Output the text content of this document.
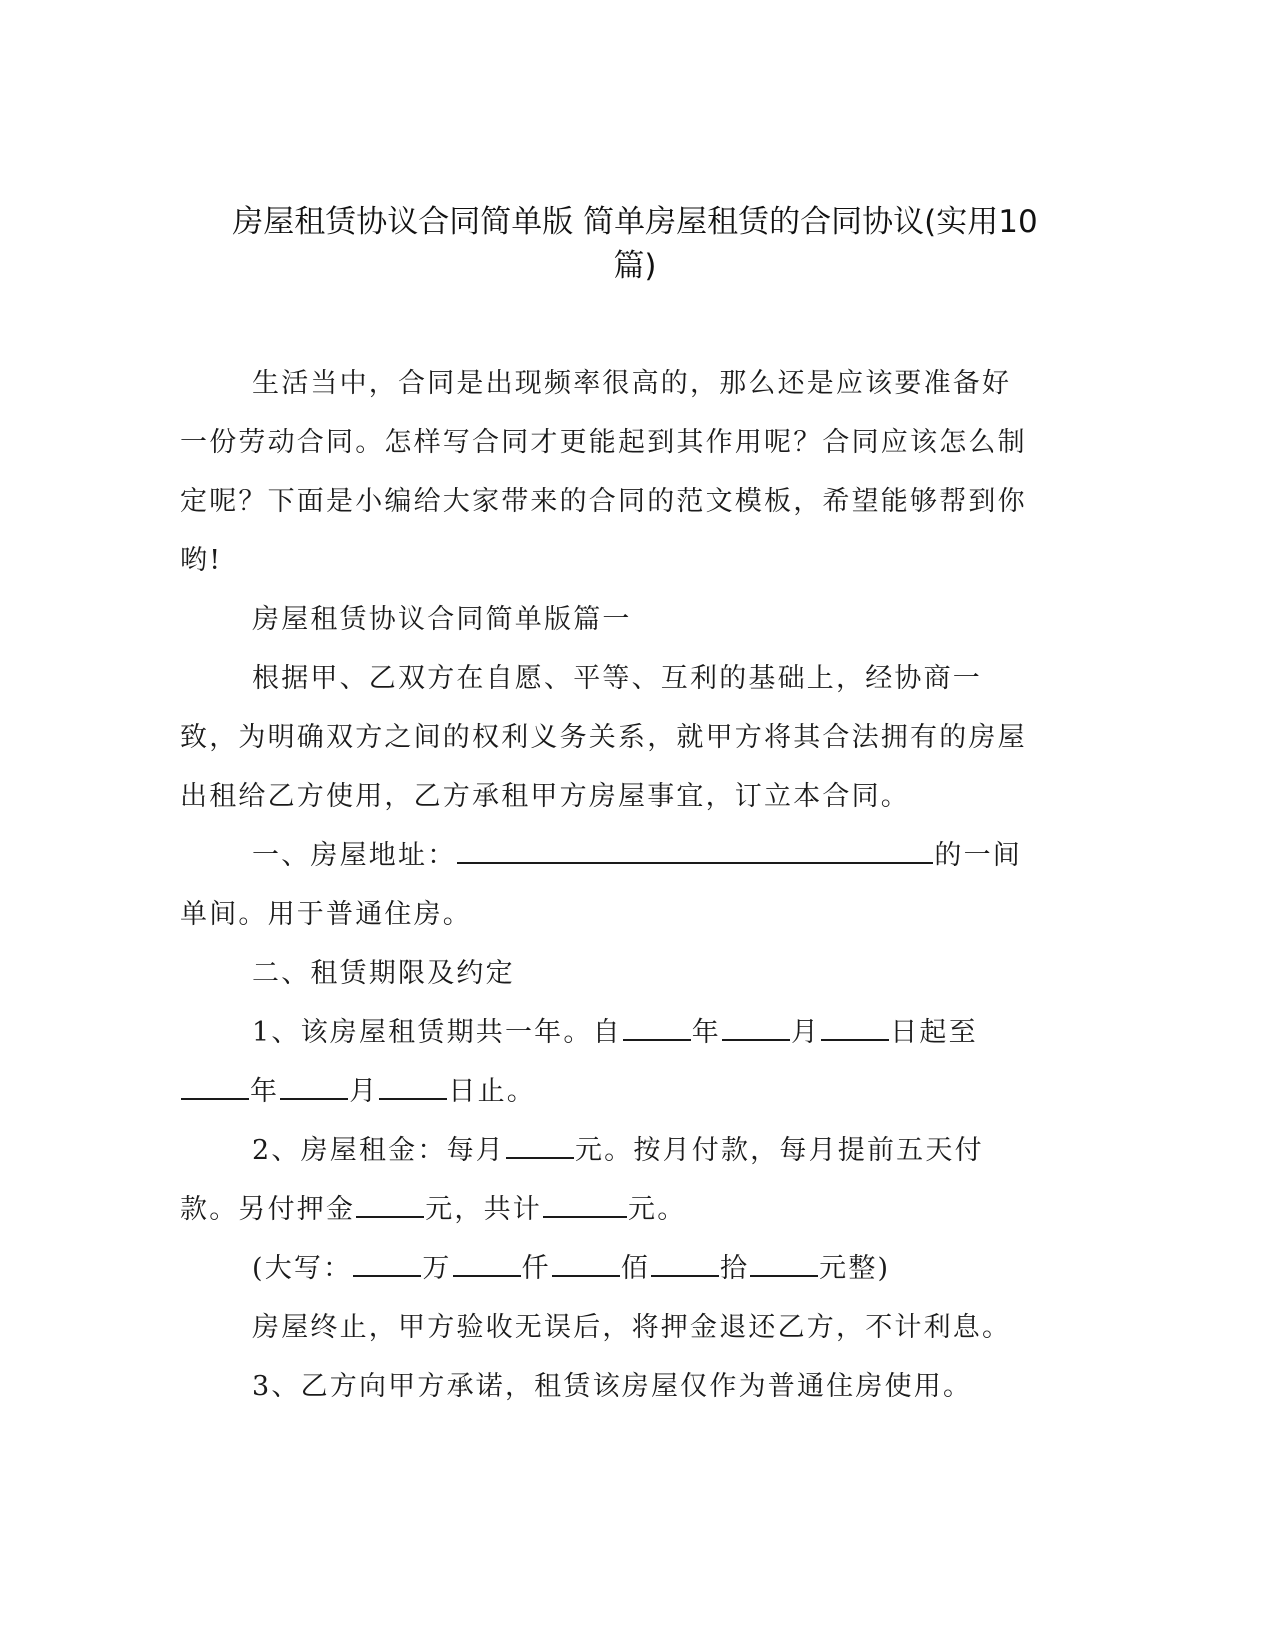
房屋租赁协议合同简单版 简单房屋租赁的合同协议(实用10
篇)

生活当中，合同是出现频率很高的，那么还是应该要准备好一份劳动合同。怎样写合同才更能起到其作用呢？合同应该怎么制定呢？下面是小编给大家带来的合同的范文模板，希望能够帮到你哟!

房屋租赁协议合同简单版篇一

根据甲、乙双方在自愿、平等、互利的基础上，经协商一致，为明确双方之间的权利义务关系，就甲方将其合法拥有的房屋出租给乙方使用，乙方承租甲方房屋事宜，订立本合同。

一、房屋地址：	的一间单间。用于普通住房。

二、租赁期限及约定

1、该房屋租赁期共一年。自	年	月	日起至年	月	日止。

2、房屋租金：每月	元。按月付款，每月提前五天付款。另付押金	元，共计	元。

(大写：	万	仟	佰	拾	元整)

房屋终止，甲方验收无误后，将押金退还乙方，不计利息。

3、乙方向甲方承诺，租赁该房屋仅作为普通住房使用。
